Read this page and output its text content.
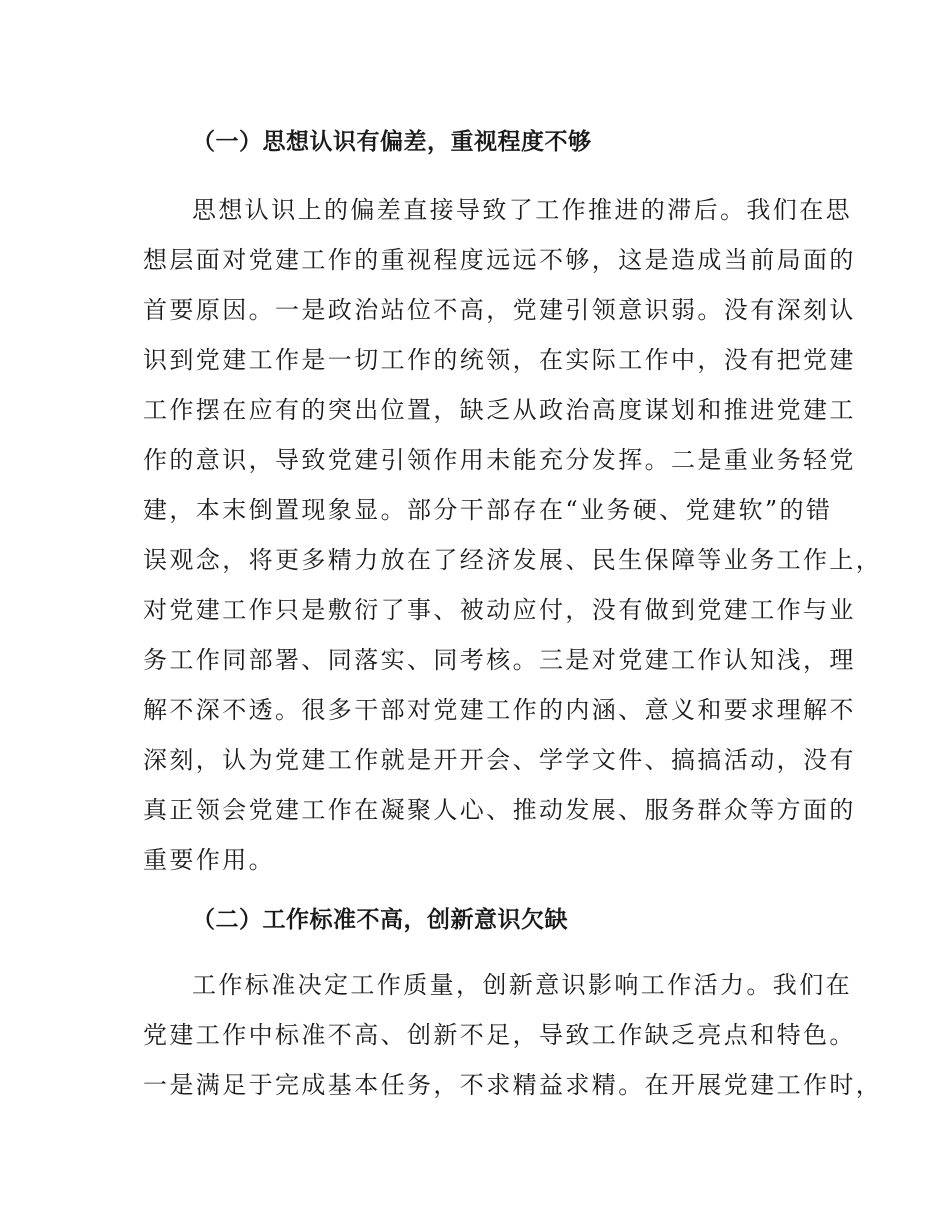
（一）思想认识有偏差，重视程度不够
思想认识上的偏差直接导致了工作推进的滞后。我们在思
想层面对党建工作的重视程度远远不够，这是造成当前局面的
首要原因。一是政治站位不高，党建引领意识弱。没有深刻认
识到党建工作是一切工作的统领，在实际工作中，没有把党建
工作摆在应有的突出位置，缺乏从政治高度谋划和推进党建工
作的意识，导致党建引领作用未能充分发挥。二是重业务轻党
建，本末倒置现象显。部分干部存在“业务硬、党建软”的错
误观念，将更多精力放在了经济发展、民生保障等业务工作上，
对党建工作只是敷衍了事、被动应付，没有做到党建工作与业
务工作同部署、同落实、同考核。三是对党建工作认知浅，理
解不深不透。很多干部对党建工作的内涵、意义和要求理解不
深刻，认为党建工作就是开开会、学学文件、搞搞活动，没有
真正领会党建工作在凝聚人心、推动发展、服务群众等方面的
重要作用。
（二）工作标准不高，创新意识欠缺
工作标准决定工作质量，创新意识影响工作活力。我们在
党建工作中标准不高、创新不足，导致工作缺乏亮点和特色。
一是满足于完成基本任务，不求精益求精。在开展党建工作时，
